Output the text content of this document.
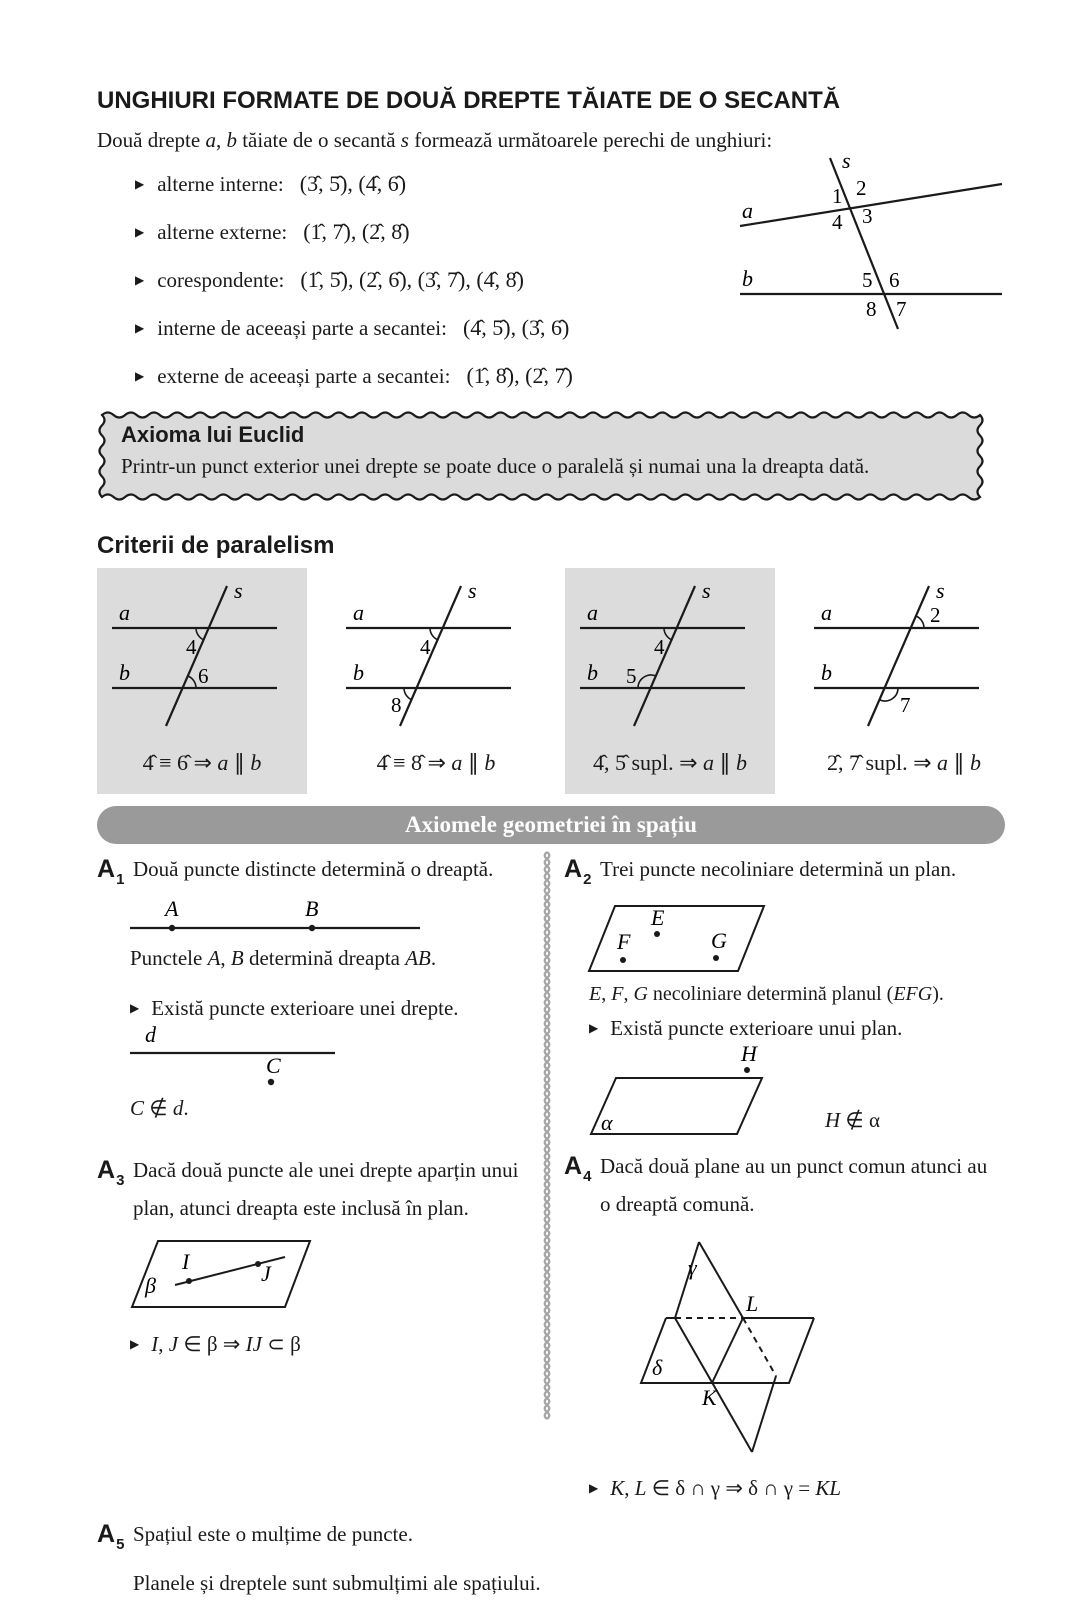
UNGHIURI FORMATE DE DOUĂ DREPTE TĂIATE DE O SECANTĂ

Două drepte a, b tăiate de o secantă s formează următoarele perechi de unghiuri:

▶ alterne interne: (3̂, 5̂), (4̂, 6̂)
▶ alterne externe: (1̂, 7̂), (2̂, 8̂)
▶ corespondente: (1̂, 5̂), (2̂, 6̂), (3̂, 7̂), (4̂, 8̂)
▶ interne de aceeași parte a secantei: (4̂, 5̂), (3̂, 6̂)
▶ externe de aceeași parte a secantei: (1̂, 8̂), (2̂, 7̂)
s
a
b
1 2
3
4
5 6
7
8
Axioma lui Euclid
Printr-un punct exterior unei drepte se poate duce o paralelă și numai una la dreapta dată.
Criterii de paralelism
s
a
b
4
6
4̂ ≡ 6̂ ⇒ a ∥ b
s
a
b
4
8
4̂ ≡ 8̂ ⇒ a ∥ b
s
a
b
4
5
4̂, 5̂ supl. ⇒ a ∥ b
s
a
b
2
7
2̂, 7̂ supl. ⇒ a ∥ b
Axiomele geometriei în spațiu
$A_1$ Două puncte distincte determină o dreaptă.

A	B

Punctele A, B determină dreapta AB.

▶ Există puncte exterioare unei drepte.
d
C

C ∉ d.

$A_3$ Dacă două puncte ale unei drepte aparțin unui plan, atunci dreapta este inclusă în plan.

I	J
β
▶ I, J ∈ β ⇒ IJ ⊂ β
$A_2$ Trei puncte necoliniare determină un plan.

E
F	G

E, F, G necoliniare determină planul (EFG).

▶ Există puncte exterioare unui plan.
H
α	H ∉ α

$A_4$ Dacă două plane au un punct comun atunci au o dreaptă comună.

γ
δ
L
K
▶ K, L ∈ δ ∩ γ ⇒ δ ∩ γ = KL
$A_5$ Spațiul este o mulțime de puncte.

Planele și dreptele sunt submulțimi ale spațiului.
